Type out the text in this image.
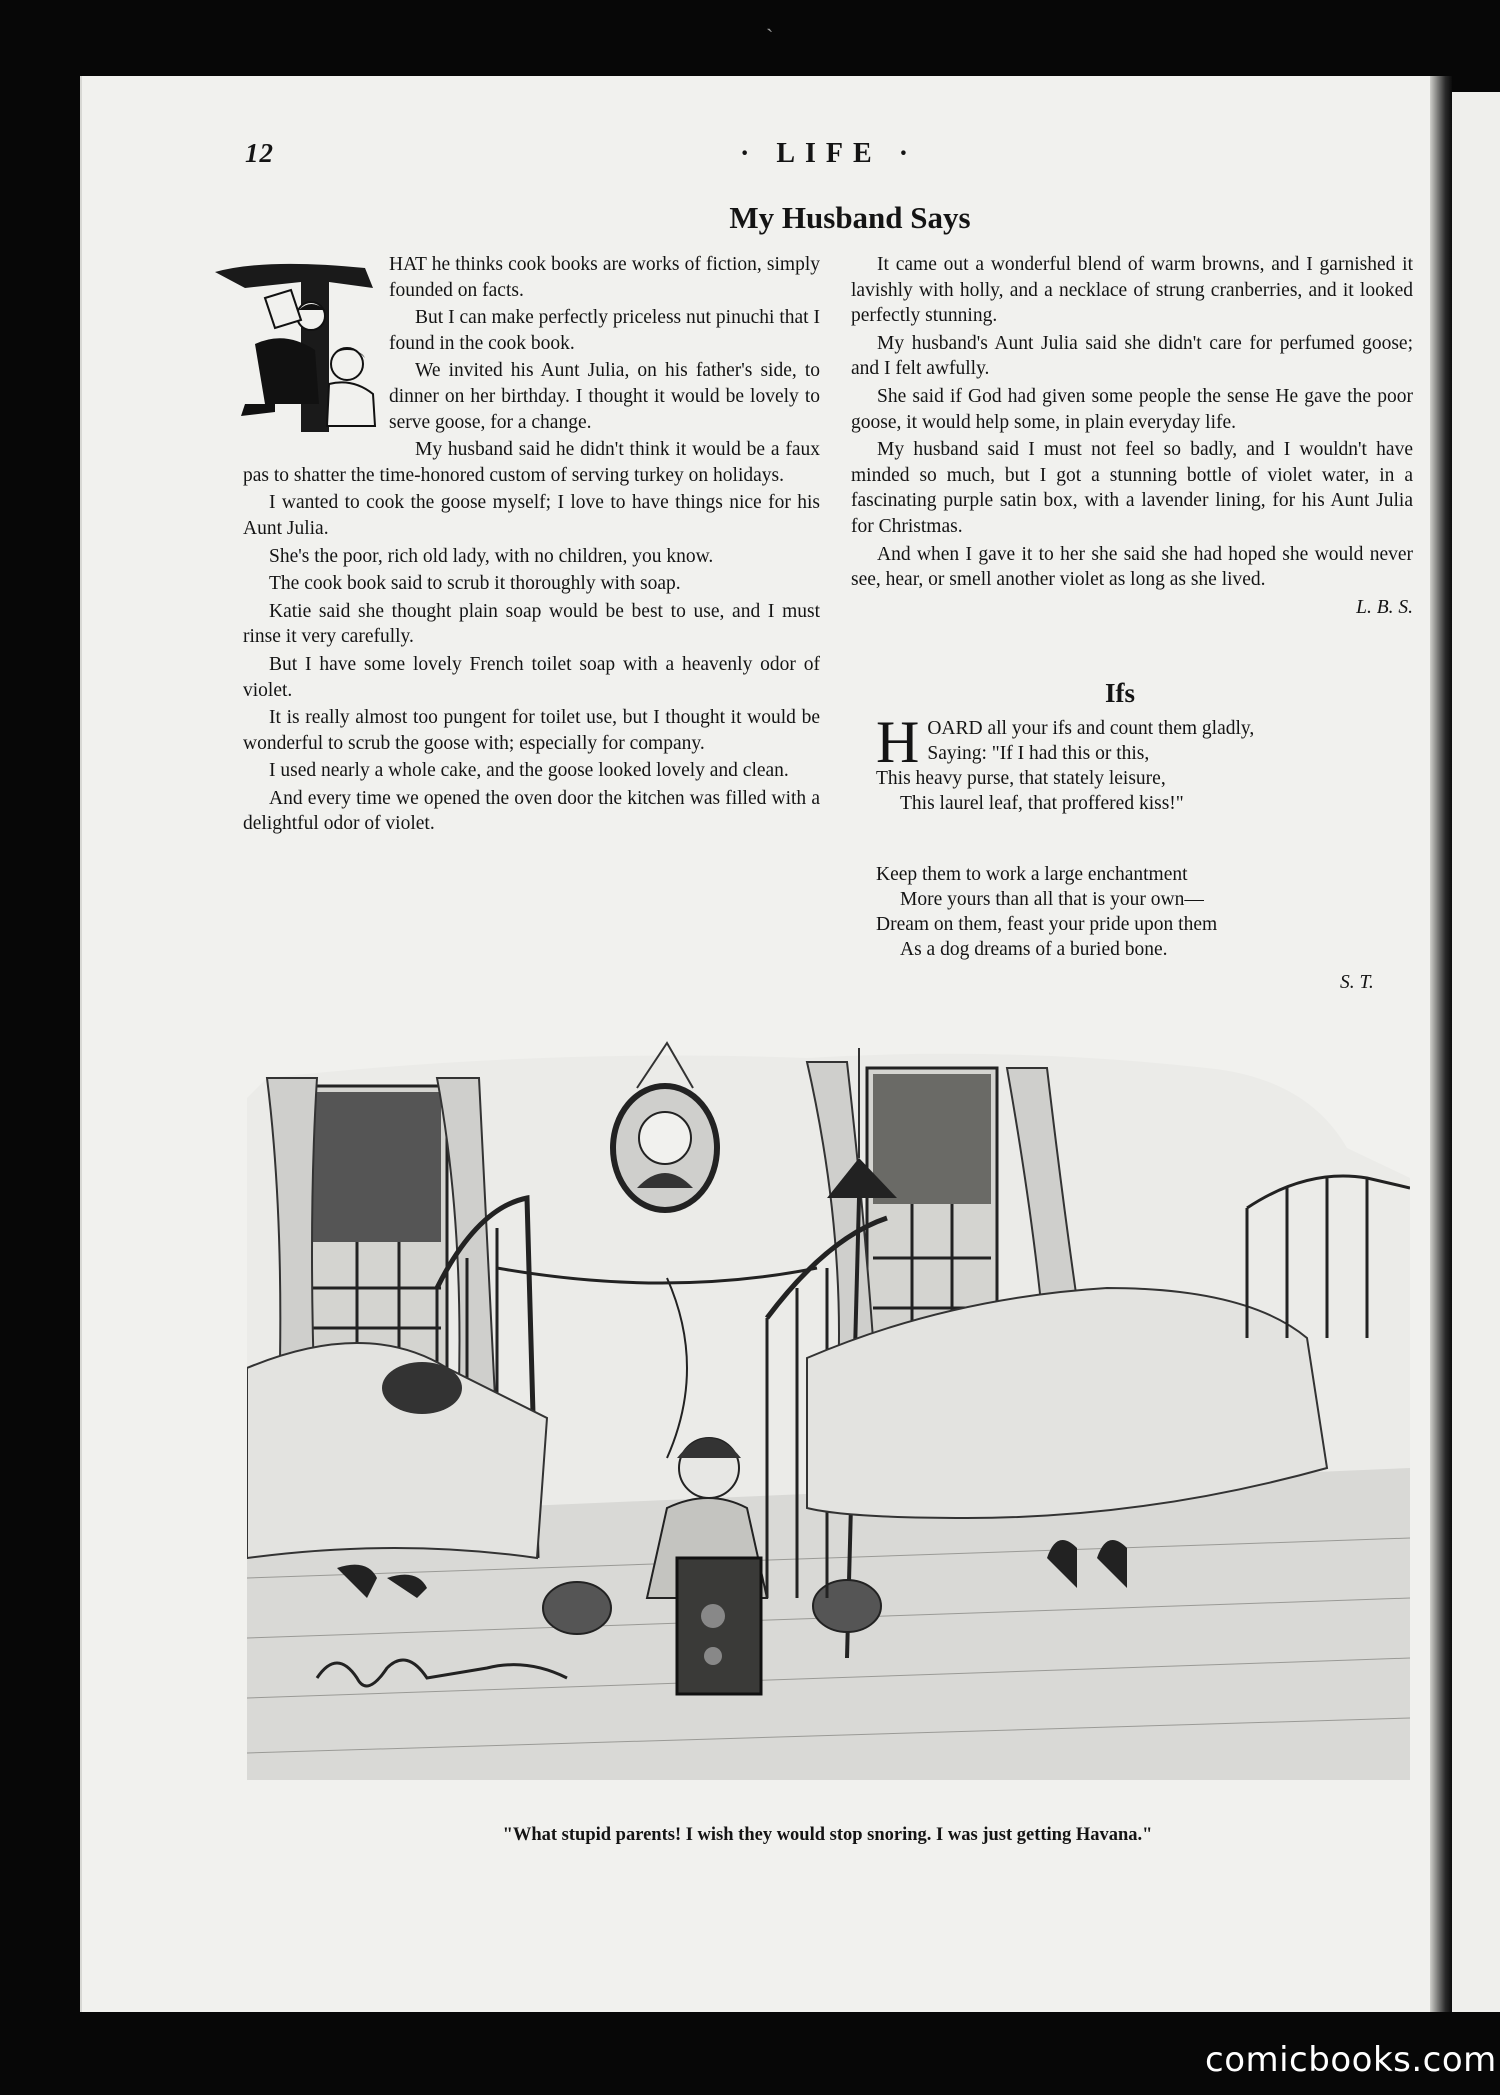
ˋ
12	· LIFE ·
My Husband Says

HAT he thinks cook books are works of fiction, simply founded on facts.

But I can make perfectly priceless nut pinuchi that I found in the cook book.

We invited his Aunt Julia, on his father's side, to dinner on her birthday. I thought it would be lovely to serve goose, for a change.

My husband said he didn't think it would be a faux pas to shatter the time-honored custom of serving turkey on holidays.

I wanted to cook the goose myself; I love to have things nice for his Aunt Julia.

She's the poor, rich old lady, with no children, you know.

The cook book said to scrub it thoroughly with soap.

Katie said she thought plain soap would be best to use, and I must rinse it very carefully.

But I have some lovely French toilet soap with a heavenly odor of violet.

It is really almost too pungent for toilet use, but I thought it would be wonderful to scrub the goose with; especially for company.

I used nearly a whole cake, and the goose looked lovely and clean.

And every time we opened the oven door the kitchen was filled with a delightful odor of violet.

It came out a wonderful blend of warm browns, and I garnished it lavishly with holly, and a necklace of strung cranberries, and it looked perfectly stunning.

My husband's Aunt Julia said she didn't care for perfumed goose; and I felt awfully.

She said if God had given some people the sense He gave the poor goose, it would help some, in plain everyday life.

My husband said I must not feel so badly, and I wouldn't have minded so much, but I got a stunning bottle of violet water, in a fascinating purple satin box, with a lavender lining, for his Aunt Julia for Christmas.

And when I gave it to her she said she had hoped she would never see, hear, or smell another violet as long as she lived.

L. B. S.
Ifs
H OARD all your ifs and count them gladly,
Saying: "If I had this or this,
This heavy purse, that stately leisure,
This laurel leaf, that proffered kiss!"
Keep them to work a large enchantment
More yours than all that is your own—
Dream on them, feast your pride upon them
As a dog dreams of a buried bone.
S. T.
"What stupid parents! I wish they would stop snoring. I was just getting Havana."
comicbooks.com
